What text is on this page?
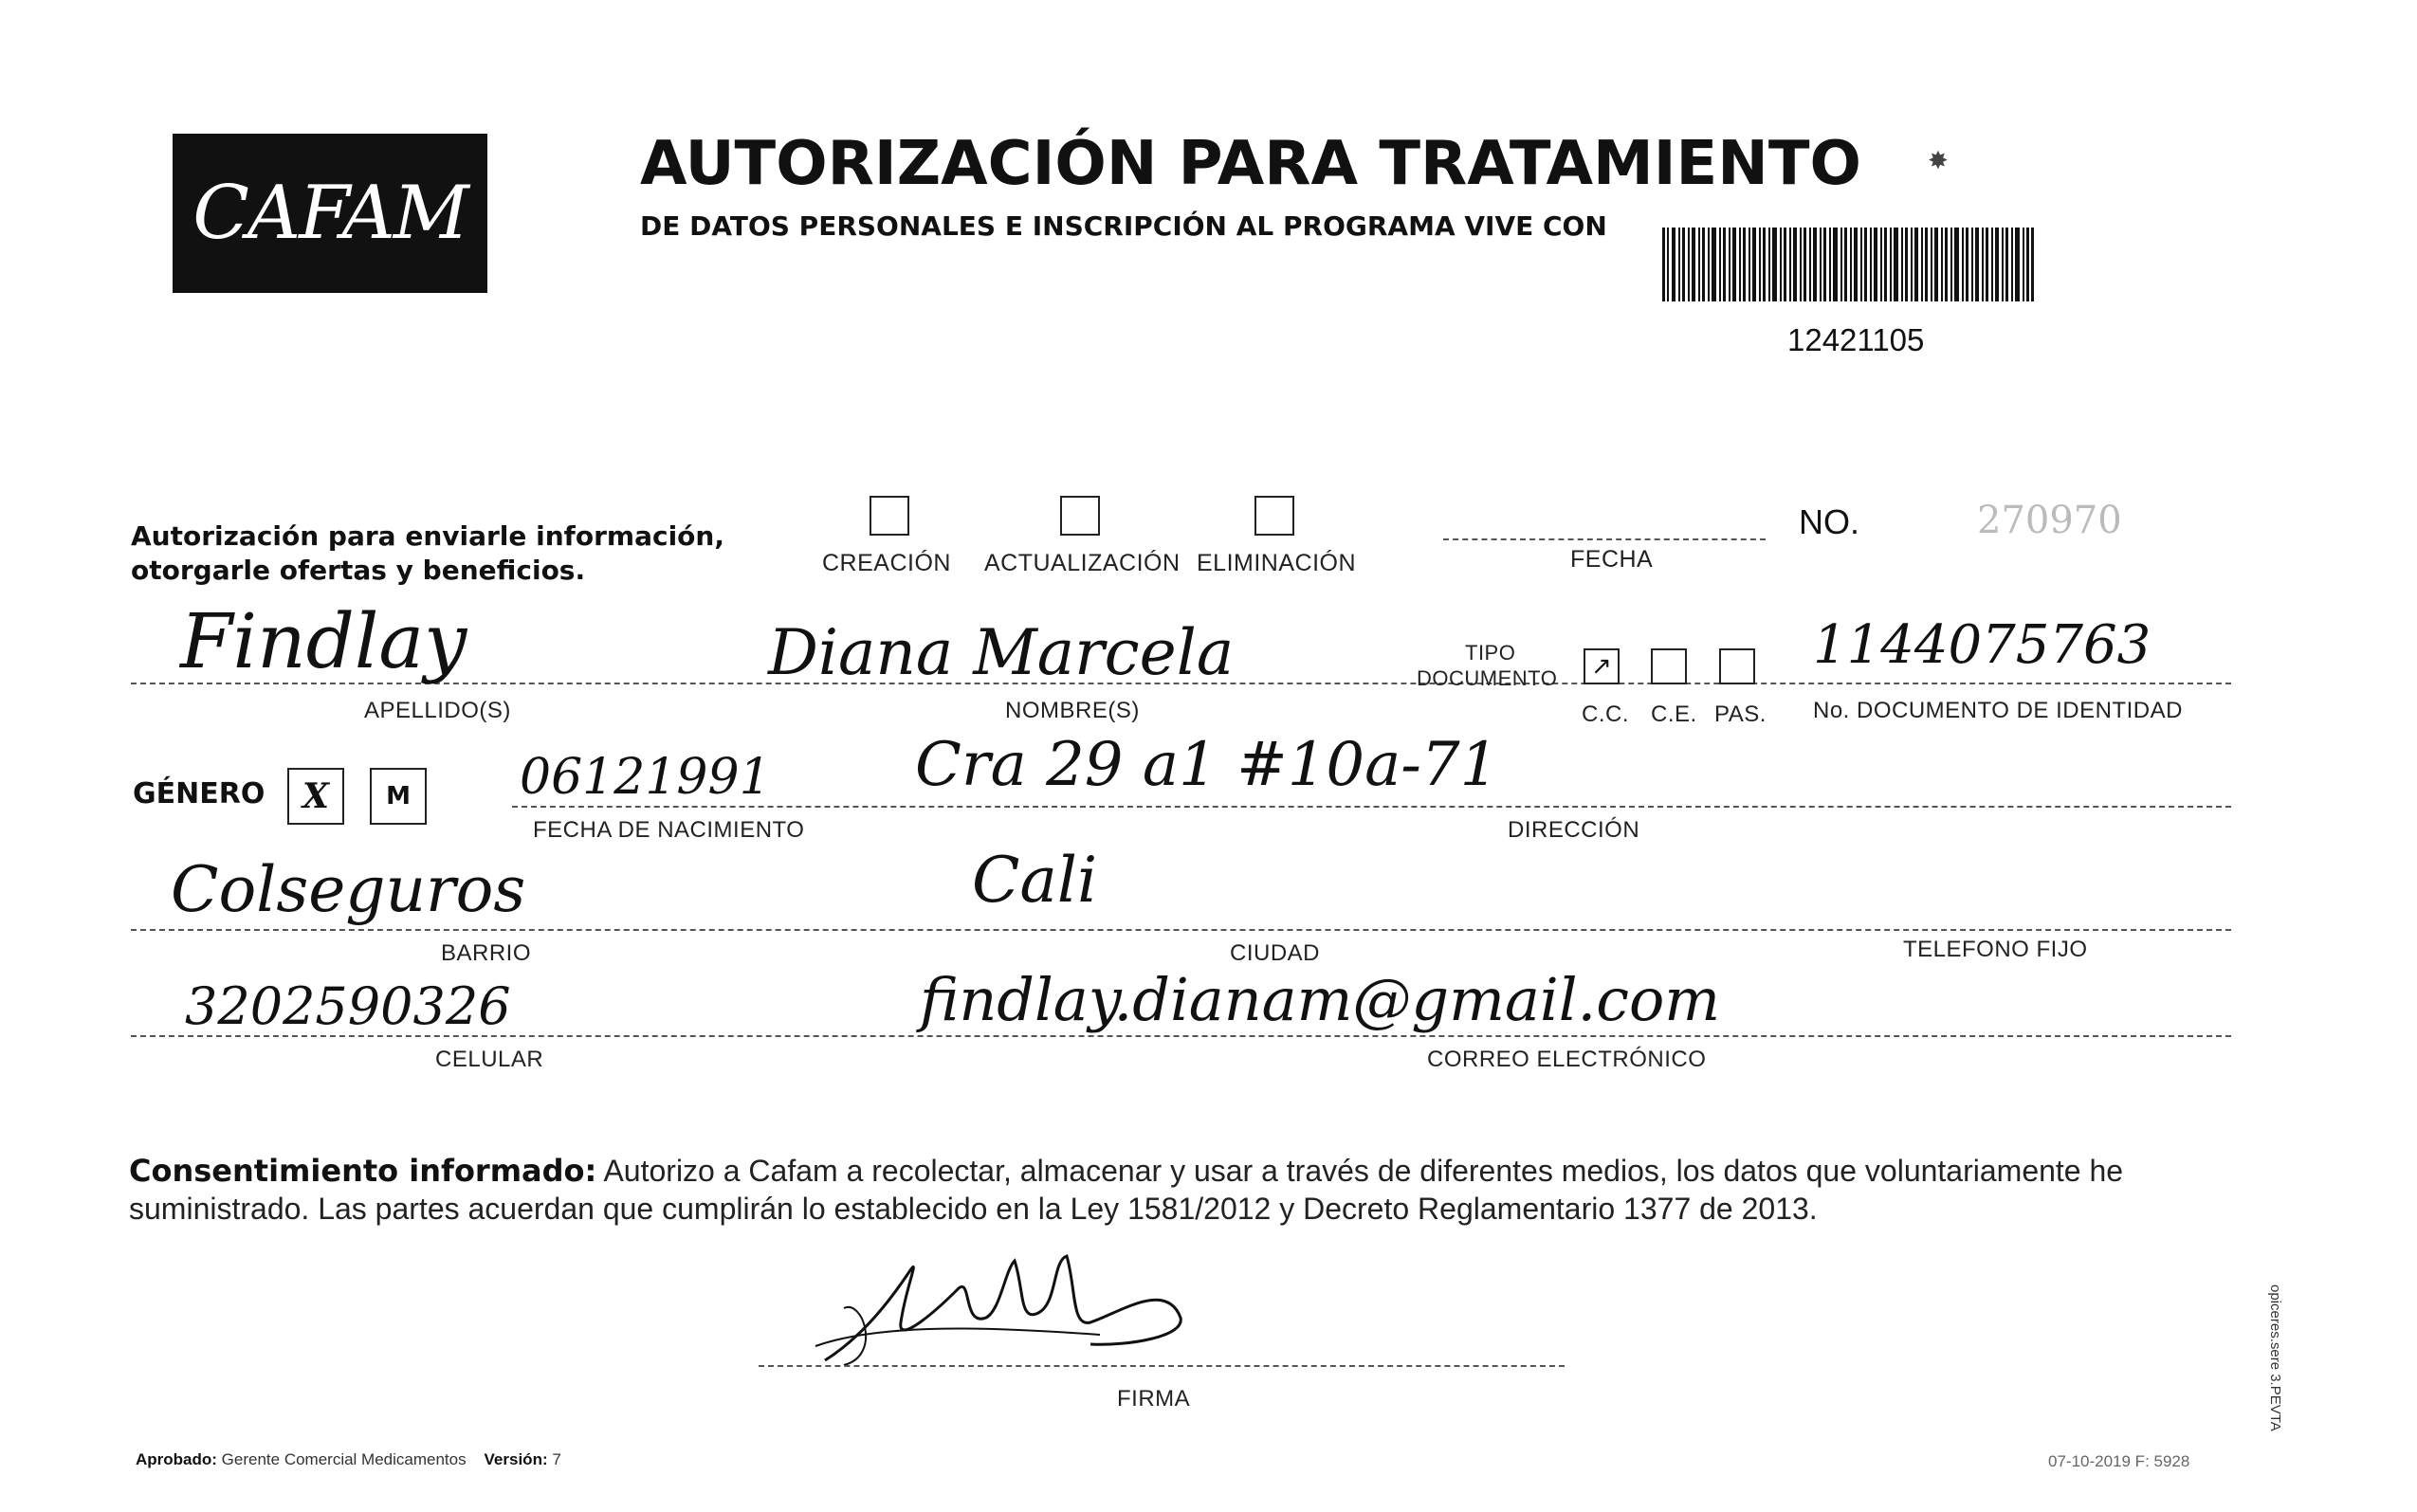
CAFAM
AUTORIZACIÓN PARA TRATAMIENTO
DE DATOS PERSONALES E INSCRIPCIÓN AL PROGRAMA VIVE CON
✸
12421105
Autorización para enviarle información,
otorgarle ofertas y beneficios.	CREACIÓN ACTUALIZACIÓN ELIMINACIÓN	FECHA
NO.	270970
Findlay
APELLIDO(S)
Diana Marcela
NOMBRE(S)
TIPO
DOCUMENTO ↗
C.C. C.E. PAS.
1144075763
No. DOCUMENTO DE IDENTIDAD
GÉNERO X M 06121991
FECHA DE NACIMIENTO
Cra 29 a1 #10a-71
DIRECCIÓN
Colseguros
BARRIO
Cali
CIUDAD	TELEFONO FIJO
3202590326
CELULAR
findlay.dianam@gmail.com
CORREO ELECTRÓNICO
Consentimiento informado: Autorizo a Cafam a recolectar, almacenar y usar a través de diferentes medios, los datos que voluntariamente he suministrado. Las partes acuerdan que cumplirán lo establecido en la Ley 1581/2012 y Decreto Reglamentario 1377 de 2013.
FIRMA
Aprobado: Gerente Comercial Medicamentos Versión: 7	07-10-2019 F: 5928
opiceres.sere 3.PEVTA
